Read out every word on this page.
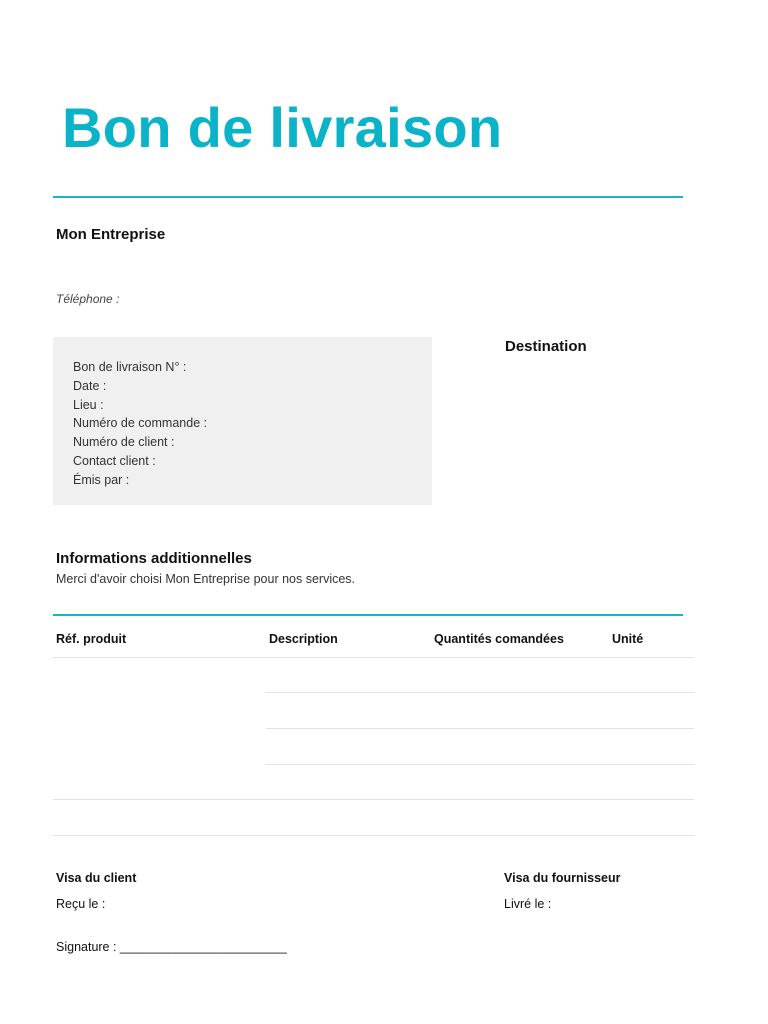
Bon de livraison
Mon Entreprise
Téléphone :
Bon de livraison N° :
Date :
Lieu :
Numéro de commande :
Numéro de client :
Contact client :
Émis par :
Destination
Informations additionnelles
Merci d'avoir choisi Mon Entreprise pour nos services.
Réf. produit	Description	Quantités comandées	Unité
Visa du client
Reçu le :
Signature : ________________________
Visa du fournisseur
Livré le :
